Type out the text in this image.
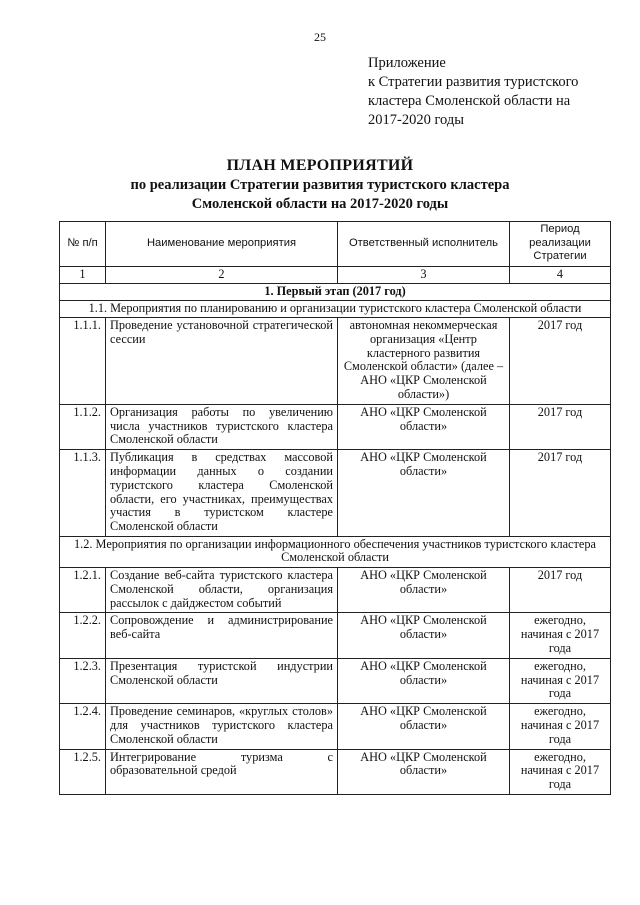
25
Приложение
к Стратегии развития туристского
кластера Смоленской области на
2017-2020 годы
ПЛАН МЕРОПРИЯТИЙ
по реализации Стратегии развития туристского кластера
Смоленской области на 2017-2020 годы
№ п/п	Наименование мероприятия	Ответственный исполнитель	Период реализации Стратегии
1	2	3	4
1. Первый этап (2017 год)			
1.1. Мероприятия по планированию и организации туристского кластера Смоленской области			
1.1.1.	Проведение установочной стратегической сессии	автономная некоммерческая организация «Центр кластерного развития Смоленской области» (далее – АНО «ЦКР Смоленской области»)	2017 год
1.1.2.	Организация работы по увеличению числа участников туристского кластера Смоленской области	АНО «ЦКР Смоленской области»	2017 год
1.1.3.	Публикация в средствах массовой информации данных о создании туристского кластера Смоленской области, его участниках, преимуществах участия в туристском кластере Смоленской области	АНО «ЦКР Смоленской области»	2017 год
1.2. Мероприятия по организации информационного обеспечения участников туристского кластера Смоленской области			
1.2.1.	Создание веб-сайта туристского кластера Смоленской области, организация рассылок с дайджестом событий	АНО «ЦКР Смоленской области»	2017 год
1.2.2.	Сопровождение и администрирование веб-сайта	АНО «ЦКР Смоленской области»	ежегодно, начиная с 2017 года
1.2.3.	Презентация туристской индустрии Смоленской области	АНО «ЦКР Смоленской области»	ежегодно, начиная с 2017 года
1.2.4.	Проведение семинаров, «круглых столов» для участников туристского кластера Смоленской области	АНО «ЦКР Смоленской области»	ежегодно, начиная с 2017 года
1.2.5.	Интегрирование туризма с образовательной средой	АНО «ЦКР Смоленской области»	ежегодно, начиная с 2017 года
